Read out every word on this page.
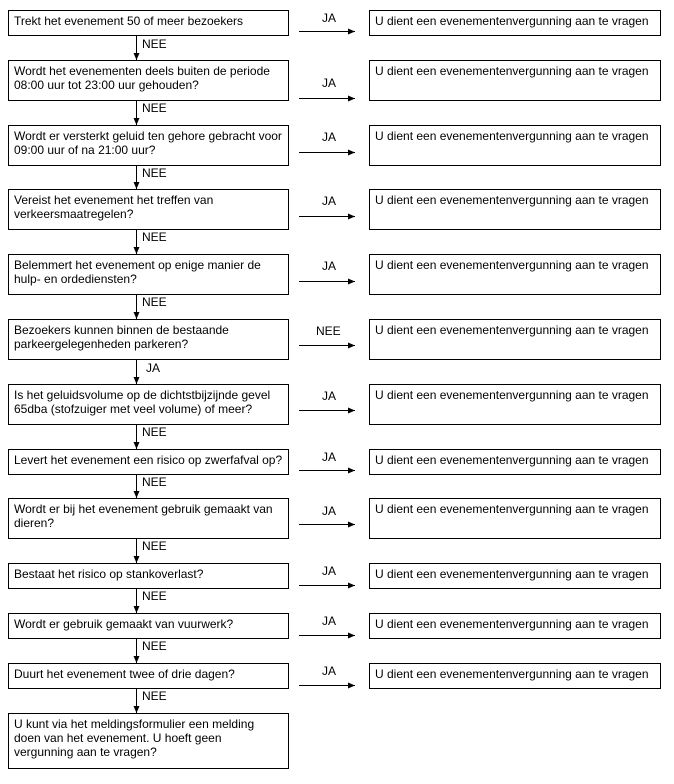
Trekt het evenement 50 of meer bezoekers	JA	U dient een evenementenvergunning aan te vragen
NEE
Wordt het evenementen deels buiten de periode 08:00 uur tot 23:00 uur gehouden?	JA
U dient een evenementenvergunning aan te vragen
NEE
Wordt er versterkt geluid ten gehore gebracht voor 09:00 uur of na 21:00 uur?
JA	U dient een evenementenvergunning aan te vragen
NEE
Vereist het evenement het treffen van verkeersmaatregelen?
JA	U dient een evenementenvergunning aan te vragen
NEE
Belemmert het evenement op enige manier de hulp- en ordediensten?
JA	U dient een evenementenvergunning aan te vragen
NEE
Bezoekers kunnen binnen de bestaande parkeergelegenheden parkeren?
NEE	U dient een evenementenvergunning aan te vragen
JA
Is het geluidsvolume op de dichtstbijzijnde gevel 65dba (stofzuiger met veel volume) of meer?
JA	U dient een evenementenvergunning aan te vragen
NEE
Levert het evenement een risico op zwerfafval op?	JA	U dient een evenementenvergunning aan te vragen
NEE
Wordt er bij het evenement gebruik gemaakt van dieren?
JA	U dient een evenementenvergunning aan te vragen
NEE
Bestaat het risico op stankoverlast?	JA	U dient een evenementenvergunning aan te vragen
NEE
Wordt er gebruik gemaakt van vuurwerk?	JA	U dient een evenementenvergunning aan te vragen
NEE
Duurt het evenement twee of drie dagen?	JA	U dient een evenementenvergunning aan te vragen
NEE
U kunt via het meldingsformulier een melding doen van het evenement. U hoeft geen vergunning aan te vragen?
